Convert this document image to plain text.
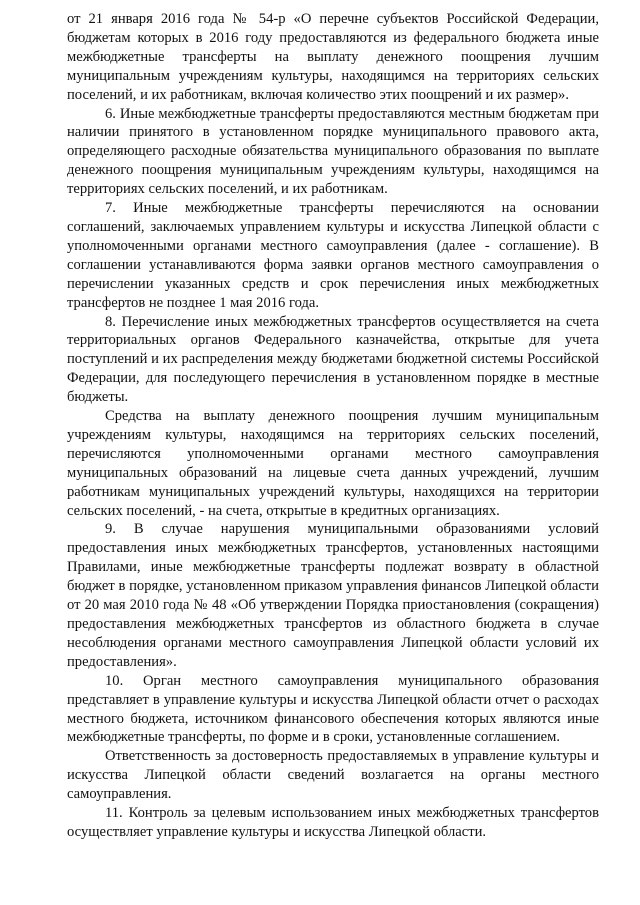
от 21 января 2016 года № 54-р «О перечне субъектов Российской Федерации, бюджетам которых в 2016 году предоставляются из федерального бюджета иные межбюджетные трансферты на выплату денежного поощрения лучшим муниципальным учреждениям культуры, находящимся на территориях сельских поселений, и их работникам, включая количество этих поощрений и их размер».

6. Иные межбюджетные трансферты предоставляются местным бюджетам при наличии принятого в установленном порядке муниципального правового акта, определяющего расходные обязательства муниципального образования по выплате денежного поощрения муниципальным учреждениям культуры, находящимся на территориях сельских поселений, и их работникам.

7. Иные межбюджетные трансферты перечисляются на основании соглашений, заключаемых управлением культуры и искусства Липецкой области с уполномоченными органами местного самоуправления (далее - соглашение). В соглашении устанавливаются форма заявки органов местного самоуправления о перечислении указанных средств и срок перечисления иных межбюджетных трансфертов не позднее 1 мая 2016 года.

8. Перечисление иных межбюджетных трансфертов осуществляется на счета территориальных органов Федерального казначейства, открытые для учета поступлений и их распределения между бюджетами бюджетной системы Российской Федерации, для последующего перечисления в установленном порядке в местные бюджеты.

Средства на выплату денежного поощрения лучшим муниципальным учреждениям культуры, находящимся на территориях сельских поселений, перечисляются уполномоченными органами местного самоуправления муниципальных образований на лицевые счета данных учреждений, лучшим работникам муниципальных учреждений культуры, находящихся на территории сельских поселений, - на счета, открытые в кредитных организациях.

9. В случае нарушения муниципальными образованиями условий предоставления иных межбюджетных трансфертов, установленных настоящими Правилами, иные межбюджетные трансферты подлежат возврату в областной бюджет в порядке, установленном приказом управления финансов Липецкой области от 20 мая 2010 года № 48 «Об утверждении Порядка приостановления (сокращения) предоставления межбюджетных трансфертов из областного бюджета в случае несоблюдения органами местного самоуправления Липецкой области условий их предоставления».

10. Орган местного самоуправления муниципального образования представляет в управление культуры и искусства Липецкой области отчет о расходах местного бюджета, источником финансового обеспечения которых являются иные межбюджетные трансферты, по форме и в сроки, установленные соглашением.

Ответственность за достоверность предоставляемых в управление культуры и искусства Липецкой области сведений возлагается на органы местного самоуправления.

11. Контроль за целевым использованием иных межбюджетных трансфертов осуществляет управление культуры и искусства Липецкой области.
